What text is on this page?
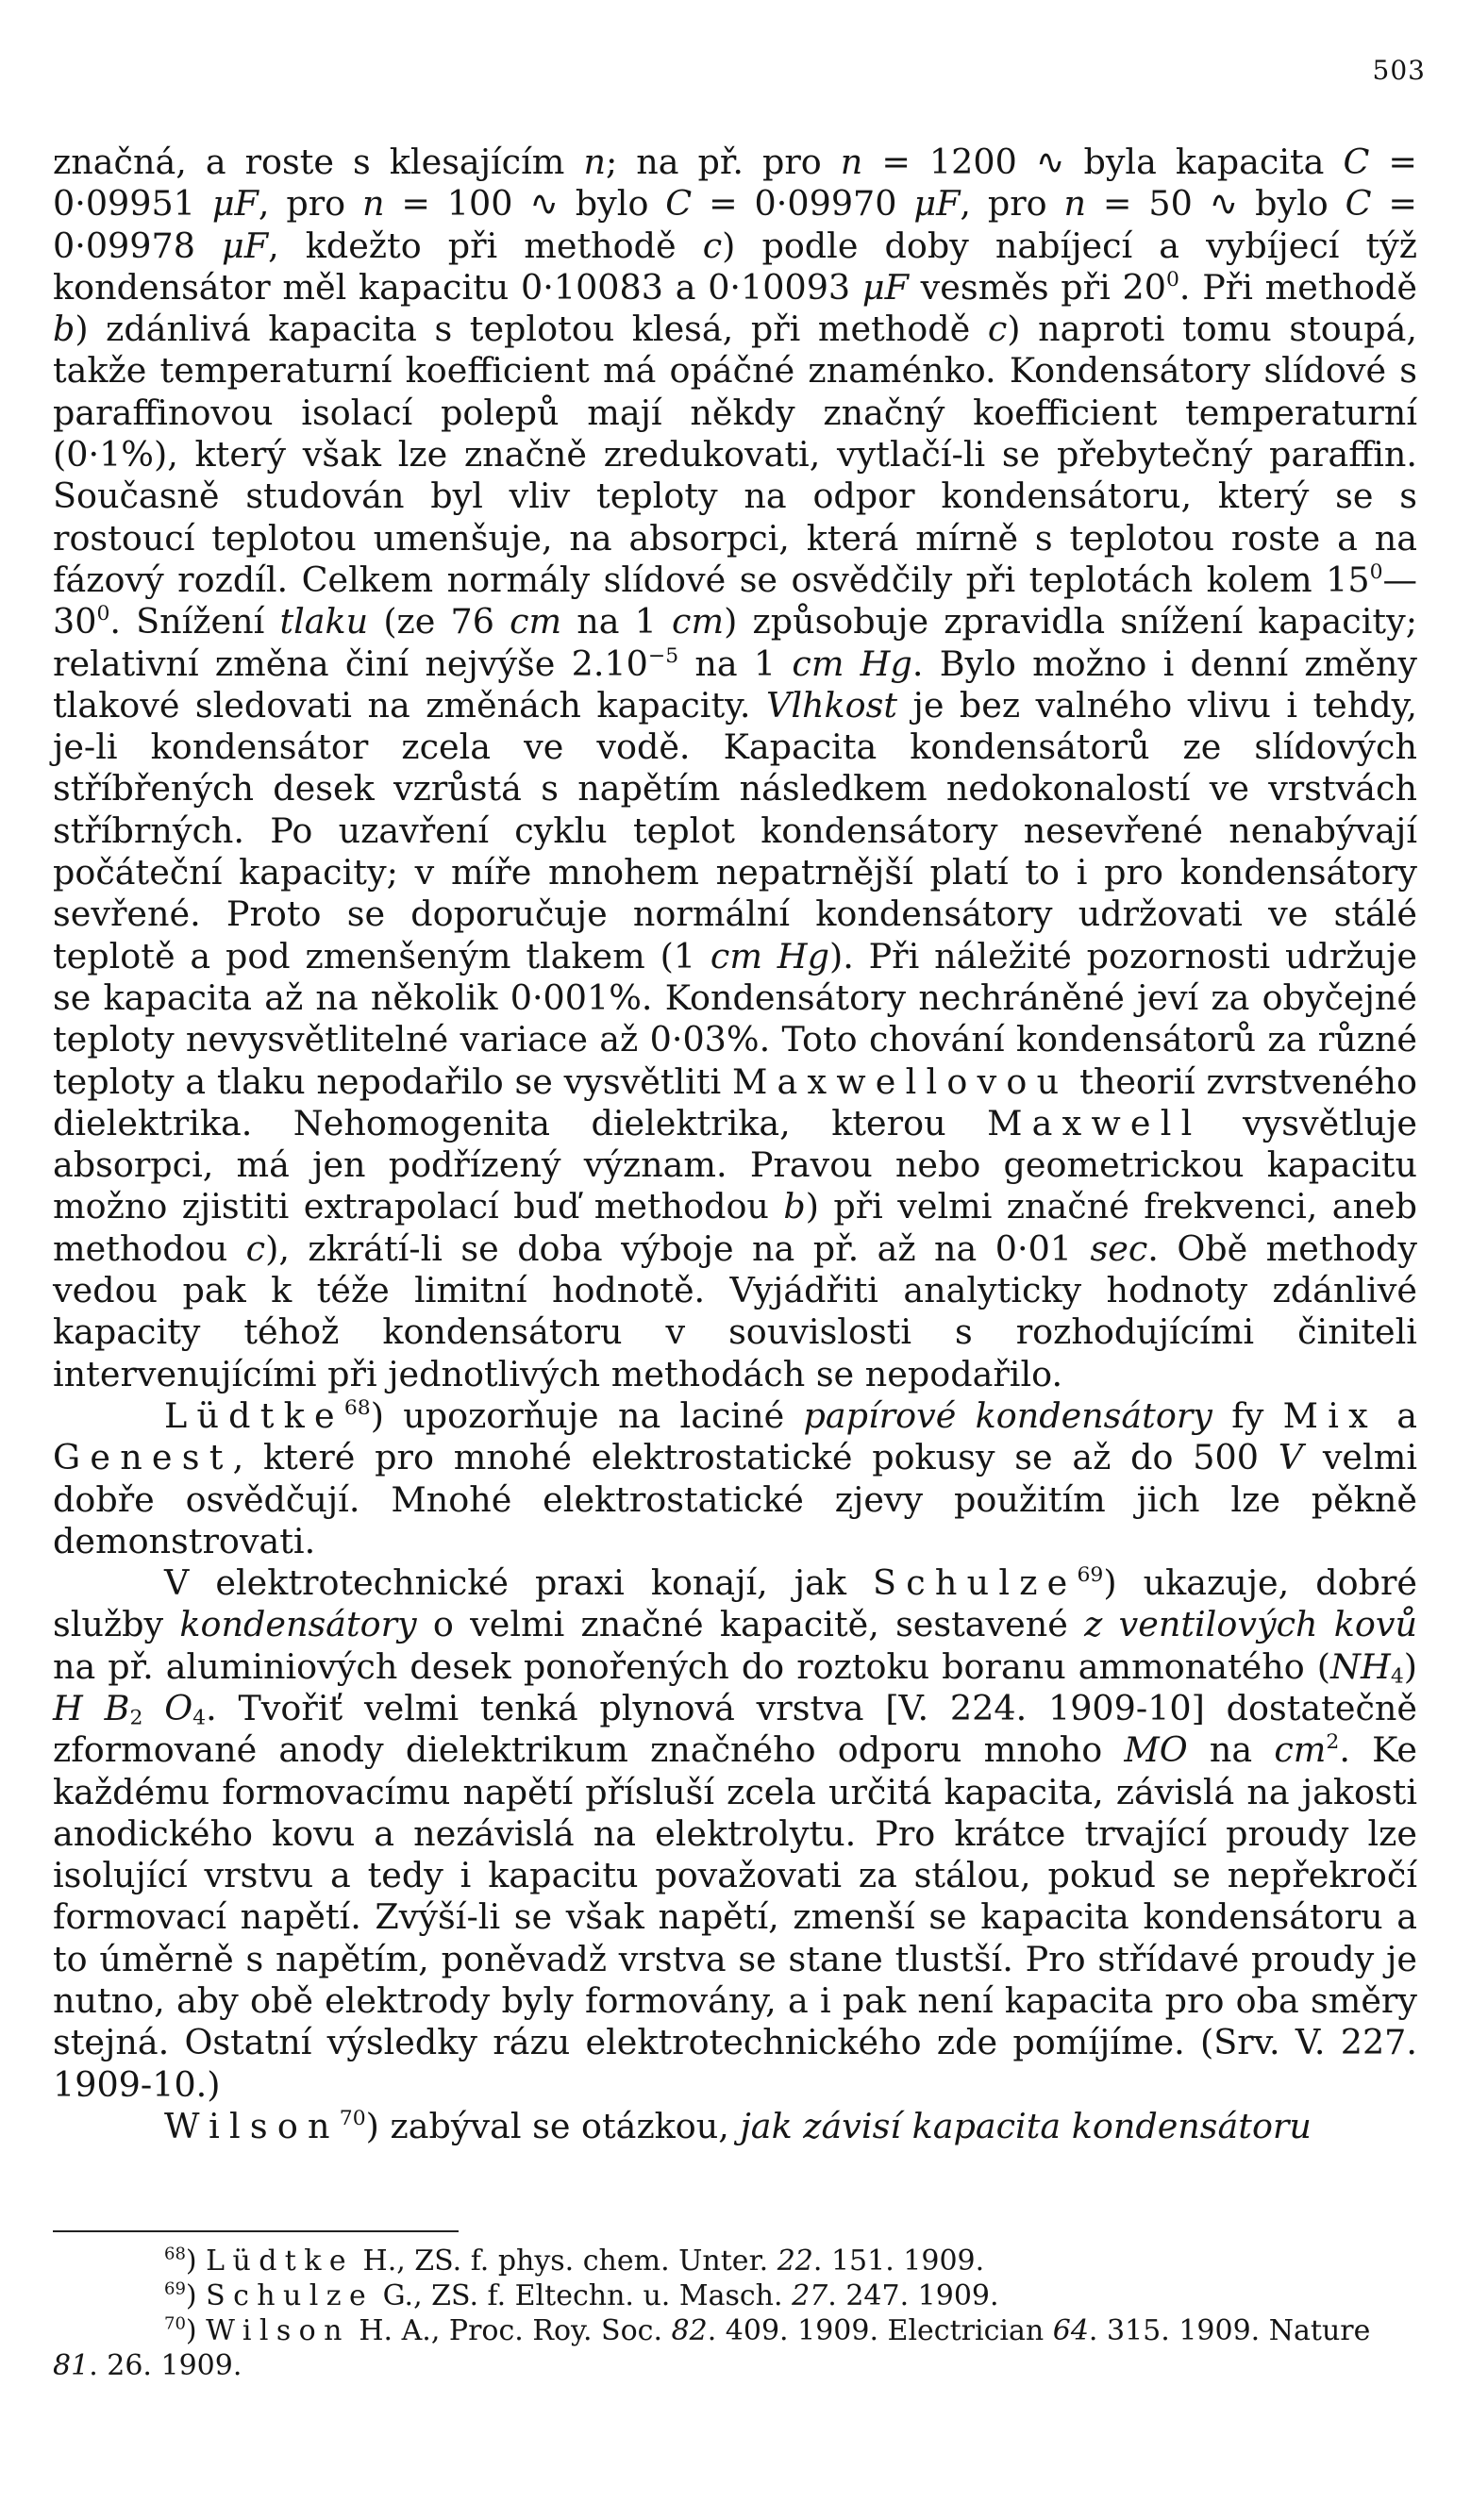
503

značná, a roste s klesajícím n; na př. pro n = 1200 ∿ byla kapacita C = 0·09951 μF, pro n = 100 ∿ bylo C = 0·09970 μF, pro n = 50 ∿ bylo C = 0·09978 μF, kdežto při methodě c) podle doby nabíjecí a vybíjecí týž kondensátor měl kapacitu 0·10083 a 0·10093 μF vesměs při $20^0$. Při methodě b) zdánlivá kapacita s teplotou klesá, při methodě c) naproti tomu stoupá, takže temperaturní koefficient má opáčné znaménko. Kondensátory slídové s paraffinovou isolací polepů mají někdy značný koefficient temperaturní (0·1%), který však lze značně zredukovati, vytlačí-li se přebytečný paraffin. Současně studován byl vliv teploty na odpor kondensátoru, který se s rostoucí teplotou umenšuje, na absorpci, která mírně s teplotou roste a na fázový rozdíl. Celkem normály slídové se osvědčily při teplotách kolem $15^0—30^0$. Snížení tlaku (ze 76 cm na 1 cm) způsobuje zpravidla snížení kapacity; relativní změna činí nejvýše $2.10^{-5}$ na 1 cm Hg. Bylo možno i denní změny tlakové sledovati na změnách kapacity. Vlhkost je bez valného vlivu i tehdy, je-li kondensátor zcela ve vodě. Kapacita kondensátorů ze slídových stříbřených desek vzrůstá s napětím následkem nedokonalostí ve vrstvách stříbrných. Po uzavření cyklu teplot kondensátory nesevřené nenabývají počáteční kapacity; v míře mnohem nepatrnější platí to i pro kondensátory sevřené. Proto se doporučuje normální kondensátory udržovati ve stálé teplotě a pod zmenšeným tlakem (1 cm Hg). Při náležité pozornosti udržuje se kapacita až na několik 0·001%. Kondensátory nechráněné jeví za obyčejné teploty nevysvětlitelné variace až 0·03%. Toto chování kondensátorů za různé teploty a tlaku nepodařilo se vysvětliti Maxwellovou theorií zvrstveného dielektrika. Nehomogenita dielektrika, kterou Maxwell vysvětluje absorpci, má jen podřízený význam. Pravou nebo geometrickou kapacitu možno zjistiti extrapolací buď methodou b) při velmi značné frekvenci, aneb methodou c), zkrátí-li se doba výboje na př. až na 0·01 sec. Obě methody vedou pak k téže limitní hodnotě. Vyjádřiti analyticky hodnoty zdánlivé kapacity téhož kondensátoru v souvislosti s rozhodujícími činiteli intervenujícími při jednotlivých methodách se nepodařilo.

Lüdtke$^{68}$) upozorňuje na laciné papírové kondensátory fy Mix a Genest, které pro mnohé elektrostatické pokusy se až do 500 V velmi dobře osvědčují. Mnohé elektrostatické zjevy použitím jich lze pěkně demonstrovati.

V elektrotechnické praxi konají, jak Schulze$^{69}$) ukazuje, dobré služby kondensátory o velmi značné kapacitě, sestavené z ventilových kovů na př. aluminiových desek ponořených do roztoku boranu ammonatého $(NH_4)$ H $B_2$ $O_4$. Tvořiť velmi tenká plynová vrstva [V. 224. 1909-10] dostatečně zformované anody dielektrikum značného odporu mnoho MO na $cm^2$. Ke každému formovacímu napětí přísluší zcela určitá kapacita, závislá na jakosti anodického kovu a nezávislá na elektrolytu. Pro krátce trvající proudy lze isolující vrstvu a tedy i kapacitu považovati za stálou, pokud se nepřekročí formovací napětí. Zvýší-li se však napětí, zmenší se kapacita kondensátoru a to úměrně s napětím, poněvadž vrstva se stane tlustší. Pro střídavé proudy je nutno, aby obě elektrody byly formovány, a i pak není kapacita pro oba směry stejná. Ostatní výsledky rázu elektrotechnického zde pomíjíme. (Srv. V. 227. 1909-10.)

Wilson$^{70}$) zabýval se otázkou, jak závisí kapacita kondensátoru

$^{68}$) Lüdtke H., ZS. f. phys. chem. Unter. 22. 151. 1909.

$^{69}$) Schulze G., ZS. f. Eltechn. u. Masch. 27. 247. 1909.

$^{70}$) Wilson H. A., Proc. Roy. Soc. 82. 409. 1909. Electrician 64. 315. 1909. Nature 81. 26. 1909.
